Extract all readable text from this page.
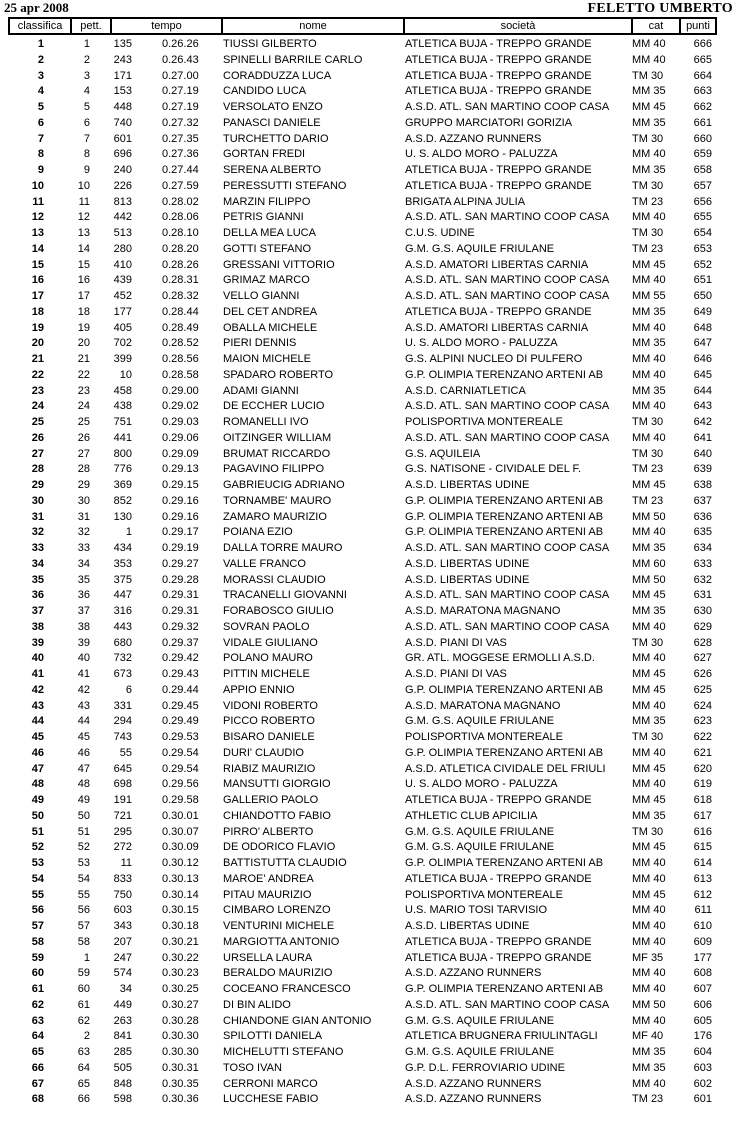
25 apr 2008	FELETTO UMBERTO
classifica	pett.	tempo	nome	società	cat	punti
1	1	135	0.26.26	TIUSSI GILBERTO	ATLETICA BUJA - TREPPO GRANDE	MM 40	666
2	2	243	0.26.43	SPINELLI BARRILE CARLO	ATLETICA BUJA - TREPPO GRANDE	MM 40	665
3	3	171	0.27.00	CORADDUZZA LUCA	ATLETICA BUJA - TREPPO GRANDE	TM 30	664
4	4	153	0.27.19	CANDIDO LUCA	ATLETICA BUJA - TREPPO GRANDE	MM 35	663
5	5	448	0.27.19	VERSOLATO ENZO	A.S.D. ATL. SAN MARTINO COOP CASA	MM 45	662
6	6	740	0.27.32	PANASCI DANIELE	GRUPPO MARCIATORI GORIZIA	MM 35	661
7	7	601	0.27.35	TURCHETTO DARIO	A.S.D. AZZANO RUNNERS	TM 30	660
8	8	696	0.27.36	GORTAN FREDI	U. S. ALDO MORO - PALUZZA	MM 40	659
9	9	240	0.27.44	SERENA ALBERTO	ATLETICA BUJA - TREPPO GRANDE	MM 35	658
10	10	226	0.27.59	PERESSUTTI STEFANO	ATLETICA BUJA - TREPPO GRANDE	TM 30	657
11	11	813	0.28.02	MARZIN FILIPPO	BRIGATA ALPINA JULIA	TM 23	656
12	12	442	0.28.06	PETRIS GIANNI	A.S.D. ATL. SAN MARTINO COOP CASA	MM 40	655
13	13	513	0.28.10	DELLA MEA LUCA	C.U.S. UDINE	TM 30	654
14	14	280	0.28.20	GOTTI STEFANO	G.M. G.S. AQUILE FRIULANE	TM 23	653
15	15	410	0.28.26	GRESSANI VITTORIO	A.S.D. AMATORI LIBERTAS CARNIA	MM 45	652
16	16	439	0.28.31	GRIMAZ MARCO	A.S.D. ATL. SAN MARTINO COOP CASA	MM 40	651
17	17	452	0.28.32	VELLO GIANNI	A.S.D. ATL. SAN MARTINO COOP CASA	MM 55	650
18	18	177	0.28.44	DEL CET ANDREA	ATLETICA BUJA - TREPPO GRANDE	MM 35	649
19	19	405	0.28.49	OBALLA MICHELE	A.S.D. AMATORI LIBERTAS CARNIA	MM 40	648
20	20	702	0.28.52	PIERI DENNIS	U. S. ALDO MORO - PALUZZA	MM 35	647
21	21	399	0.28.56	MAION MICHELE	G.S. ALPINI NUCLEO DI PULFERO	MM 40	646
22	22	10	0.28.58	SPADARO ROBERTO	G.P. OLIMPIA TERENZANO ARTENI AB	MM 40	645
23	23	458	0.29.00	ADAMI GIANNI	A.S.D. CARNIATLETICA	MM 35	644
24	24	438	0.29.02	DE ECCHER LUCIO	A.S.D. ATL. SAN MARTINO COOP CASA	MM 40	643
25	25	751	0.29.03	ROMANELLI IVO	POLISPORTIVA MONTEREALE	TM 30	642
26	26	441	0.29.06	OITZINGER WILLIAM	A.S.D. ATL. SAN MARTINO COOP CASA	MM 40	641
27	27	800	0.29.09	BRUMAT RICCARDO	G.S. AQUILEIA	TM 30	640
28	28	776	0.29.13	PAGAVINO FILIPPO	G.S. NATISONE - CIVIDALE DEL F.	TM 23	639
29	29	369	0.29.15	GABRIEUCIG ADRIANO	A.S.D. LIBERTAS UDINE	MM 45	638
30	30	852	0.29.16	TORNAMBE' MAURO	G.P. OLIMPIA TERENZANO ARTENI AB	TM 23	637
31	31	130	0.29.16	ZAMARO MAURIZIO	G.P. OLIMPIA TERENZANO ARTENI AB	MM 50	636
32	32	1	0.29.17	POIANA EZIO	G.P. OLIMPIA TERENZANO ARTENI AB	MM 40	635
33	33	434	0.29.19	DALLA TORRE MAURO	A.S.D. ATL. SAN MARTINO COOP CASA	MM 35	634
34	34	353	0.29.27	VALLE FRANCO	A.S.D. LIBERTAS UDINE	MM 60	633
35	35	375	0.29.28	MORASSI CLAUDIO	A.S.D. LIBERTAS UDINE	MM 50	632
36	36	447	0.29.31	TRACANELLI GIOVANNI	A.S.D. ATL. SAN MARTINO COOP CASA	MM 45	631
37	37	316	0.29.31	FORABOSCO GIULIO	A.S.D. MARATONA MAGNANO	MM 35	630
38	38	443	0.29.32	SOVRAN PAOLO	A.S.D. ATL. SAN MARTINO COOP CASA	MM 40	629
39	39	680	0.29.37	VIDALE GIULIANO	A.S.D. PIANI DI VAS	TM 30	628
40	40	732	0.29.42	POLANO MAURO	GR. ATL. MOGGESE ERMOLLI A.S.D.	MM 40	627
41	41	673	0.29.43	PITTIN MICHELE	A.S.D. PIANI DI VAS	MM 45	626
42	42	6	0.29.44	APPIO ENNIO	G.P. OLIMPIA TERENZANO ARTENI AB	MM 45	625
43	43	331	0.29.45	VIDONI ROBERTO	A.S.D. MARATONA MAGNANO	MM 40	624
44	44	294	0.29.49	PICCO ROBERTO	G.M. G.S. AQUILE FRIULANE	MM 35	623
45	45	743	0.29.53	BISARO DANIELE	POLISPORTIVA MONTEREALE	TM 30	622
46	46	55	0.29.54	DURI' CLAUDIO	G.P. OLIMPIA TERENZANO ARTENI AB	MM 40	621
47	47	645	0.29.54	RIABIZ MAURIZIO	A.S.D. ATLETICA CIVIDALE DEL FRIULI	MM 45	620
48	48	698	0.29.56	MANSUTTI GIORGIO	U. S. ALDO MORO - PALUZZA	MM 40	619
49	49	191	0.29.58	GALLERIO PAOLO	ATLETICA BUJA - TREPPO GRANDE	MM 45	618
50	50	721	0.30.01	CHIANDOTTO FABIO	ATHLETIC CLUB APICILIA	MM 35	617
51	51	295	0.30.07	PIRRO' ALBERTO	G.M. G.S. AQUILE FRIULANE	TM 30	616
52	52	272	0.30.09	DE ODORICO FLAVIO	G.M. G.S. AQUILE FRIULANE	MM 45	615
53	53	11	0.30.12	BATTISTUTTA CLAUDIO	G.P. OLIMPIA TERENZANO ARTENI AB	MM 40	614
54	54	833	0.30.13	MAROE' ANDREA	ATLETICA BUJA - TREPPO GRANDE	MM 40	613
55	55	750	0.30.14	PITAU MAURIZIO	POLISPORTIVA MONTEREALE	MM 45	612
56	56	603	0.30.15	CIMBARO LORENZO	U.S. MARIO TOSI TARVISIO	MM 40	611
57	57	343	0.30.18	VENTURINI MICHELE	A.S.D. LIBERTAS UDINE	MM 40	610
58	58	207	0.30.21	MARGIOTTA ANTONIO	ATLETICA BUJA - TREPPO GRANDE	MM 40	609
59	1	247	0.30.22	URSELLA LAURA	ATLETICA BUJA - TREPPO GRANDE	MF 35	177
60	59	574	0.30.23	BERALDO MAURIZIO	A.S.D. AZZANO RUNNERS	MM 40	608
61	60	34	0.30.25	COCEANO FRANCESCO	G.P. OLIMPIA TERENZANO ARTENI AB	MM 40	607
62	61	449	0.30.27	DI BIN ALIDO	A.S.D. ATL. SAN MARTINO COOP CASA	MM 50	606
63	62	263	0.30.28	CHIANDONE GIAN ANTONIO	G.M. G.S. AQUILE FRIULANE	MM 40	605
64	2	841	0.30.30	SPILOTTI DANIELA	ATLETICA BRUGNERA FRIULINTAGLI	MF 40	176
65	63	285	0.30.30	MICHELUTTI STEFANO	G.M. G.S. AQUILE FRIULANE	MM 35	604
66	64	505	0.30.31	TOSO IVAN	G.P. D.L. FERROVIARIO UDINE	MM 35	603
67	65	848	0.30.35	CERRONI MARCO	A.S.D. AZZANO RUNNERS	MM 40	602
68	66	598	0.30.36	LUCCHESE FABIO	A.S.D. AZZANO RUNNERS	TM 23	601
